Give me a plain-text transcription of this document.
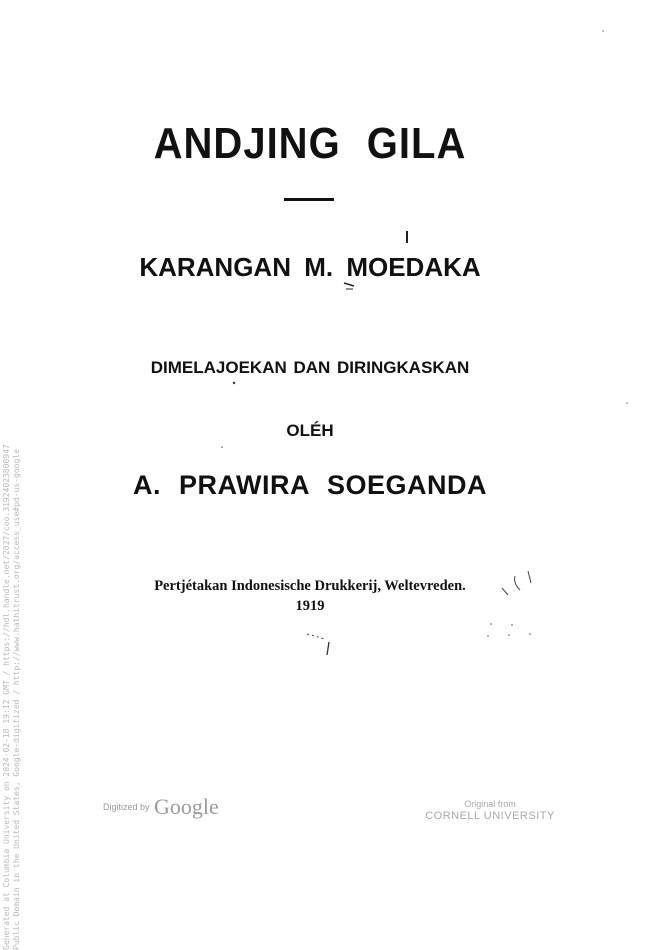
ANDJING GILA
KARANGAN M. MOEDAKA
DIMELAJOEKAN DAN DIRINGKASKAN
OLÉH
A. PRAWIRA SOEGANDA
Pertjétakan Indonesische Drukkerij, Weltevreden.
1919
Generated at Columbia University on 2024-02-18 19:12 GMT / https://hdl.handle.net/2027/coo.31924023800947 Public Domain in the United States, Google-digitized / http://www.hathitrust.org/access_use#pd-us-google	Digitized by Google	Original from
CORNELL UNIVERSITY
